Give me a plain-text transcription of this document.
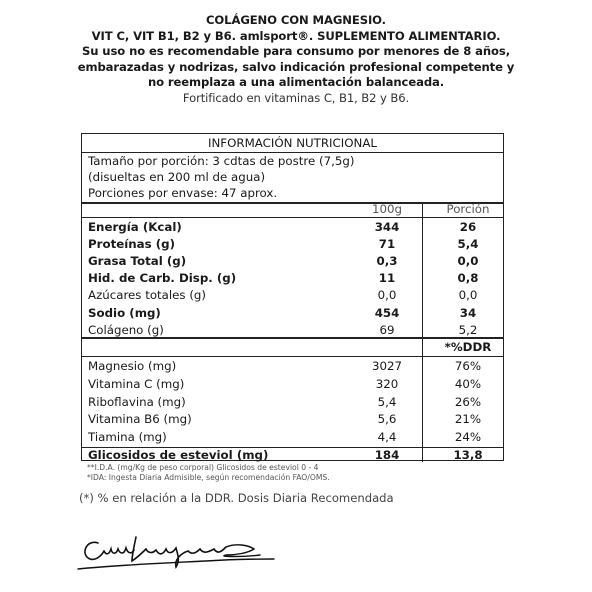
COLÁGENO CON MAGNESIO.
VIT C, VIT B1, B2 y B6. amlsport®. SUPLEMENTO ALIMENTARIO.
Su uso no es recomendable para consumo por menores de 8 años,
embarazadas y nodrizas, salvo indicación profesional competente y
no reemplaza a una alimentación balanceada.
Fortificado en vitaminas C, B1, B2 y B6.
INFORMACIÓN NUTRICIONAL
Tamaño por porción: 3 cdtas de postre (7,5g)
(disueltas en 200 ml de agua)
Porciones por envase: 47 aprox.
100g	Porción
Energía (Kcal)	344	26
Proteínas (g)	71	5,4
Grasa Total (g)	0,3	0,0
Hid. de Carb. Disp. (g)	11	0,8
Azúcares totales (g)	0,0	0,0
Sodio (mg)	454	34
Colágeno (g)	69	5,2
*%DDR
Magnesio (mg)	3027	76%
Vitamina C (mg)	320	40%
Riboflavina (mg)	5,4	26%
Vitamina B6 (mg)	5,6	21%
Tiamina (mg)	4,4	24%
Glicosidos de esteviol (mg)	184	13,8
**I.D.A. (mg/Kg de peso corporal) Glicosidos de esteviol 0 - 4
*IDA: Ingesta Diaria Admisible, según recomendación FAO/OMS.
(*) % en relación a la DDR. Dosis Diaria Recomendada
